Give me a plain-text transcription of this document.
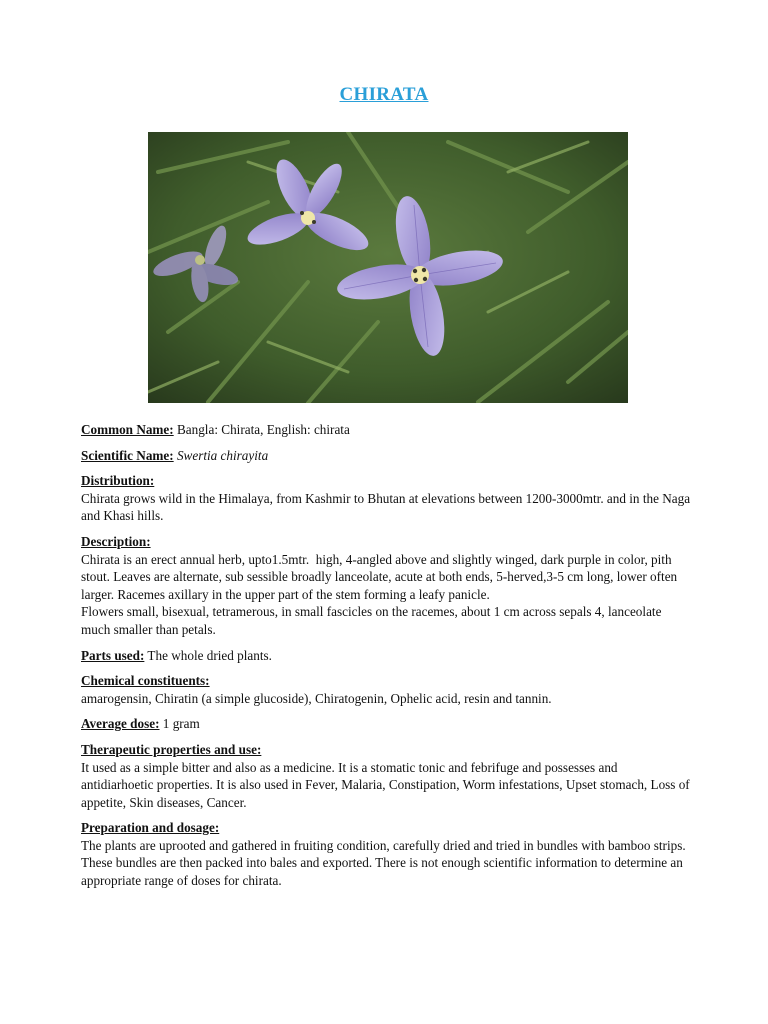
CHIRATA
Common Name: Bangla: Chirata, English: chirata
Scientific Name: Swertia chirayita
Distribution:
Chirata grows wild in the Himalaya, from Kashmir to Bhutan at elevations between 1200-3000mtr. and in the Naga and Khasi hills.
Description:
Chirata is an erect annual herb, upto1.5mtr.  high, 4-angled above and slightly winged, dark purple in color, pith stout. Leaves are alternate, sub sessible broadly lanceolate, acute at both ends, 5-herved,3-5 cm long, lower often larger. Racemes axillary in the upper part of the stem forming a leafy panicle.
Flowers small, bisexual, tetramerous, in small fascicles on the racemes, about 1 cm across sepals 4, lanceolate much smaller than petals.
Parts used: The whole dried plants.
Chemical constituents:
amarogensin, Chiratin (a simple glucoside), Chiratogenin, Ophelic acid, resin and tannin.
Average dose: 1 gram
Therapeutic properties and use:
It used as a simple bitter and also as a medicine. It is a stomatic tonic and febrifuge and possesses and antidiarhoetic properties. It is also used in Fever, Malaria, Constipation, Worm infestations, Upset stomach, Loss of appetite, Skin diseases, Cancer.
Preparation and dosage:
The plants are uprooted and gathered in fruiting condition, carefully dried and tried in bundles with bamboo strips. These bundles are then packed into bales and exported. There is not enough scientific information to determine an appropriate range of doses for chirata.
